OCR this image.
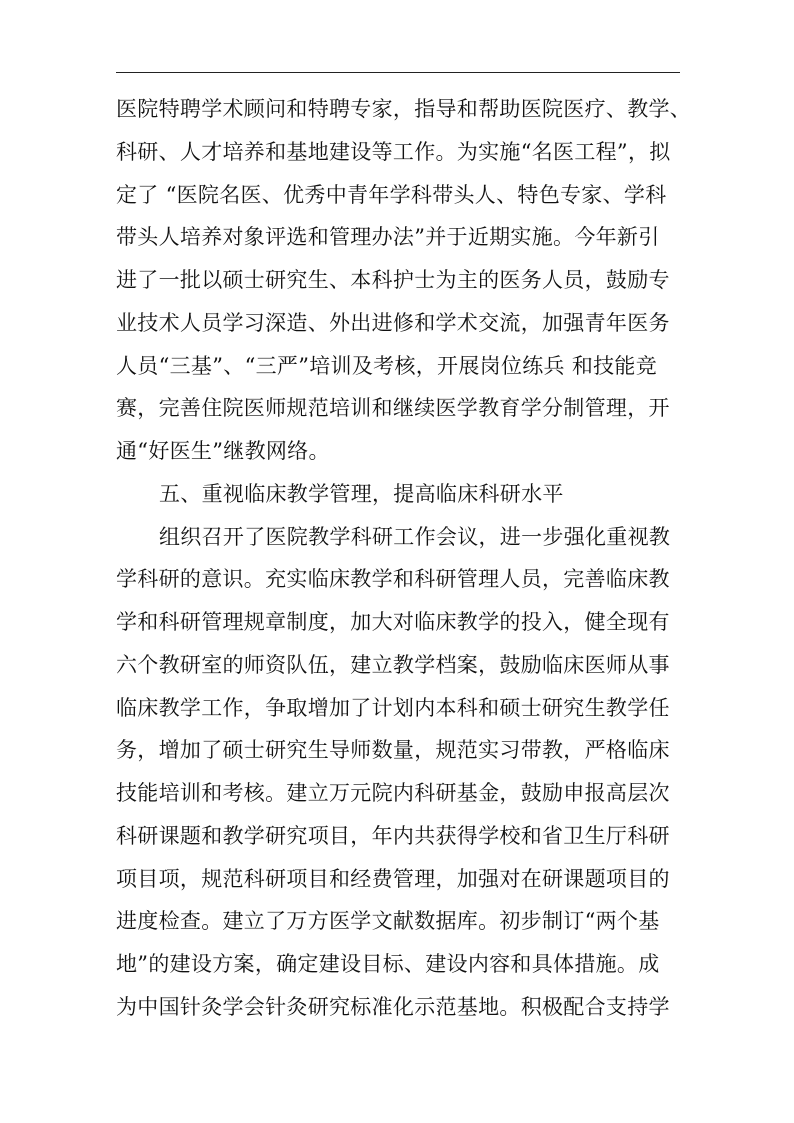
医院特聘学术顾问和特聘专家，指导和帮助医院医疗、教学、
科研、人才培养和基地建设等工作。为实施“名医工程”，拟
定了 “医院名医、优秀中青年学科带头人、特色专家、学科
带头人培养对象评选和管理办法”并于近期实施。今年新引
进了一批以硕士研究生、本科护士为主的医务人员，鼓励专
业技术人员学习深造、外出进修和学术交流，加强青年医务
人员“三基”、“三严”培训及考核，开展岗位练兵 和技能竞
赛，完善住院医师规范培训和继续医学教育学分制管理，开
通“好医生”继教网络。
五、重视临床教学管理，提高临床科研水平
组织召开了医院教学科研工作会议，进一步强化重视教
学科研的意识。充实临床教学和科研管理人员，完善临床教
学和科研管理规章制度，加大对临床教学的投入，健全现有
六个教研室的师资队伍，建立教学档案，鼓励临床医师从事
临床教学工作，争取增加了计划内本科和硕士研究生教学任
务，增加了硕士研究生导师数量，规范实习带教，严格临床
技能培训和考核。建立万元院内科研基金，鼓励申报高层次
科研课题和教学研究项目，年内共获得学校和省卫生厅科研
项目项，规范科研项目和经费管理，加强对在研课题项目的
进度检查。建立了万方医学文献数据库。初步制订“两个基
地”的建设方案，确定建设目标、建设内容和具体措施。成
为中国针灸学会针灸研究标准化示范基地。积极配合支持学
